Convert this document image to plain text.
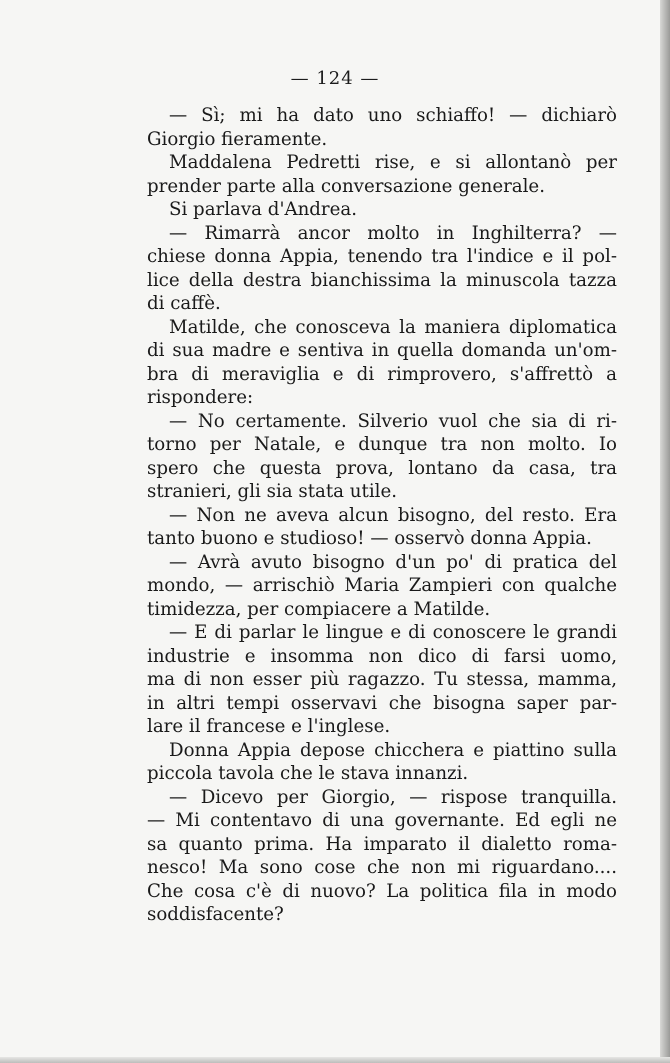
— 124 —
— Sì; mi ha dato uno schiaffo! — dichiarò
Giorgio fieramente.
Maddalena Pedretti rise, e si allontanò per
prender parte alla conversazione generale.
Si parlava d'Andrea.
— Rimarrà ancor molto in Inghilterra? —
chiese donna Appia, tenendo tra l'indice e il pol-
lice della destra bianchissima la minuscola tazza
di caffè.
Matilde, che conosceva la maniera diplomatica
di sua madre e sentiva in quella domanda un'om-
bra di meraviglia e di rimprovero, s'affrettò a
rispondere:
— No certamente. Silverio vuol che sia di ri-
torno per Natale, e dunque tra non molto. Io
spero che questa prova, lontano da casa, tra
stranieri, gli sia stata utile.
— Non ne aveva alcun bisogno, del resto. Era
tanto buono e studioso! — osservò donna Appia.
— Avrà avuto bisogno d'un po' di pratica del
mondo, — arrischiò Maria Zampieri con qualche
timidezza, per compiacere a Matilde.
— E di parlar le lingue e di conoscere le grandi
industrie e insomma non dico di farsi uomo,
ma di non esser più ragazzo. Tu stessa, mamma,
in altri tempi osservavi che bisogna saper par-
lare il francese e l'inglese.
Donna Appia depose chicchera e piattino sulla
piccola tavola che le stava innanzi.
— Dicevo per Giorgio, — rispose tranquilla.
— Mi contentavo di una governante. Ed egli ne
sa quanto prima. Ha imparato il dialetto roma-
nesco! Ma sono cose che non mi riguardano....
Che cosa c'è di nuovo? La politica fila in modo
soddisfacente?
